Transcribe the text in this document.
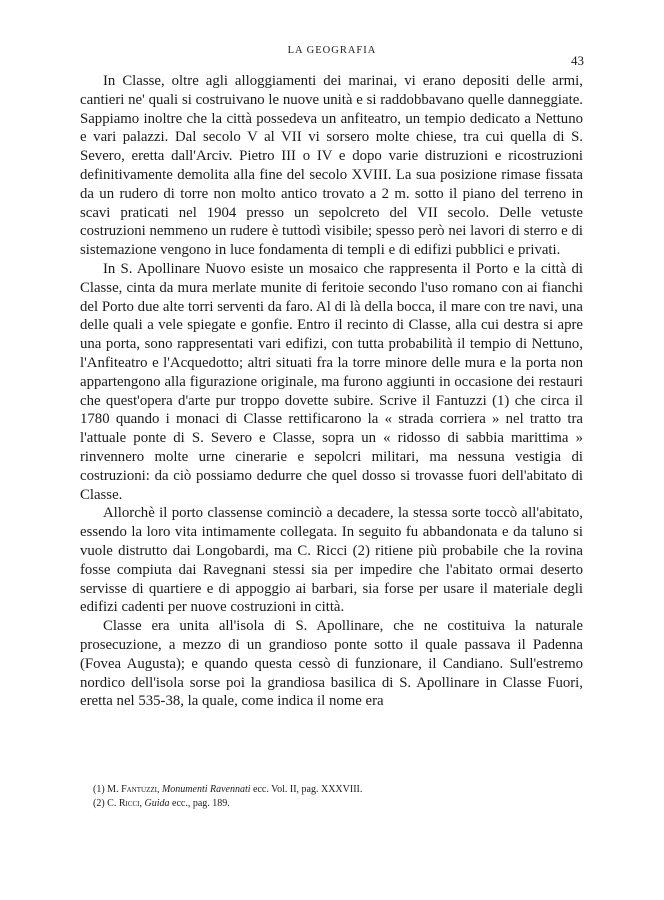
LA GEOGRAFIA
43

In Classe, oltre agli alloggiamenti dei marinai, vi erano depositi delle armi, cantieri ne' quali si costruivano le nuove unità e si raddobbavano quelle danneggiate. Sappiamo inoltre che la città possedeva un anfiteatro, un tempio dedicato a Nettuno e vari palazzi. Dal secolo V al VII vi sorsero molte chiese, tra cui quella di S. Severo, eretta dall'Arciv. Pietro III o IV e dopo varie distruzioni e ricostruzioni definitivamente demolita alla fine del secolo XVIII. La sua posizione rimase fissata da un rudero di torre non molto antico trovato a 2 m. sotto il piano del terreno in scavi praticati nel 1904 presso un sepolcreto del VII secolo. Delle vetuste costruzioni nemmeno un rudere è tuttodì visibile; spesso però nei lavori di sterro e di sistemazione vengono in luce fondamenta di templi e di edifizi pubblici e privati.

In S. Apollinare Nuovo esiste un mosaico che rappresenta il Porto e la città di Classe, cinta da mura merlate munite di feritoie secondo l'uso romano con ai fianchi del Porto due alte torri serventi da faro. Al di là della bocca, il mare con tre navi, una delle quali a vele spiegate e gonfie. Entro il recinto di Classe, alla cui destra si apre una porta, sono rappresentati vari edifizi, con tutta probabilità il tempio di Nettuno, l'Anfiteatro e l'Acquedotto; altri situati fra la torre minore delle mura e la porta non appartengono alla figurazione originale, ma furono aggiunti in occasione dei restauri che quest'opera d'arte pur troppo dovette subire. Scrive il Fantuzzi (1) che circa il 1780 quando i monaci di Classe rettificarono la « strada corriera » nel tratto tra l'attuale ponte di S. Severo e Classe, sopra un « ridosso di sabbia marittima » rinvennero molte urne cinerarie e sepolcri militari, ma nessuna vestigia di costruzioni: da ciò possiamo dedurre che quel dosso si trovasse fuori dell'abitato di Classe.

Allorchè il porto classense cominciò a decadere, la stessa sorte toccò all'abitato, essendo la loro vita intimamente collegata. In seguito fu abbandonata e da taluno si vuole distrutto dai Longobardi, ma C. Ricci (2) ritiene più probabile che la rovina fosse compiuta dai Ravegnani stessi sia per impedire che l'abitato ormai deserto servisse di quartiere e di appoggio ai barbari, sia forse per usare il materiale degli edifizi cadenti per nuove costruzioni in città.

Classe era unita all'isola di S. Apollinare, che ne costituiva la naturale prosecuzione, a mezzo di un grandioso ponte sotto il quale passava il Padenna (Fovea Augusta); e quando questa cessò di funzionare, il Candiano. Sull'estremo nordico dell'isola sorse poi la grandiosa basilica di S. Apollinare in Classe Fuori, eretta nel 535-38, la quale, come indica il nome era

(1) M. Fantuzzi, Monumenti Ravennati ecc. Vol. II, pag. XXXVIII.

(2) C. Ricci, Guida ecc., pag. 189.
